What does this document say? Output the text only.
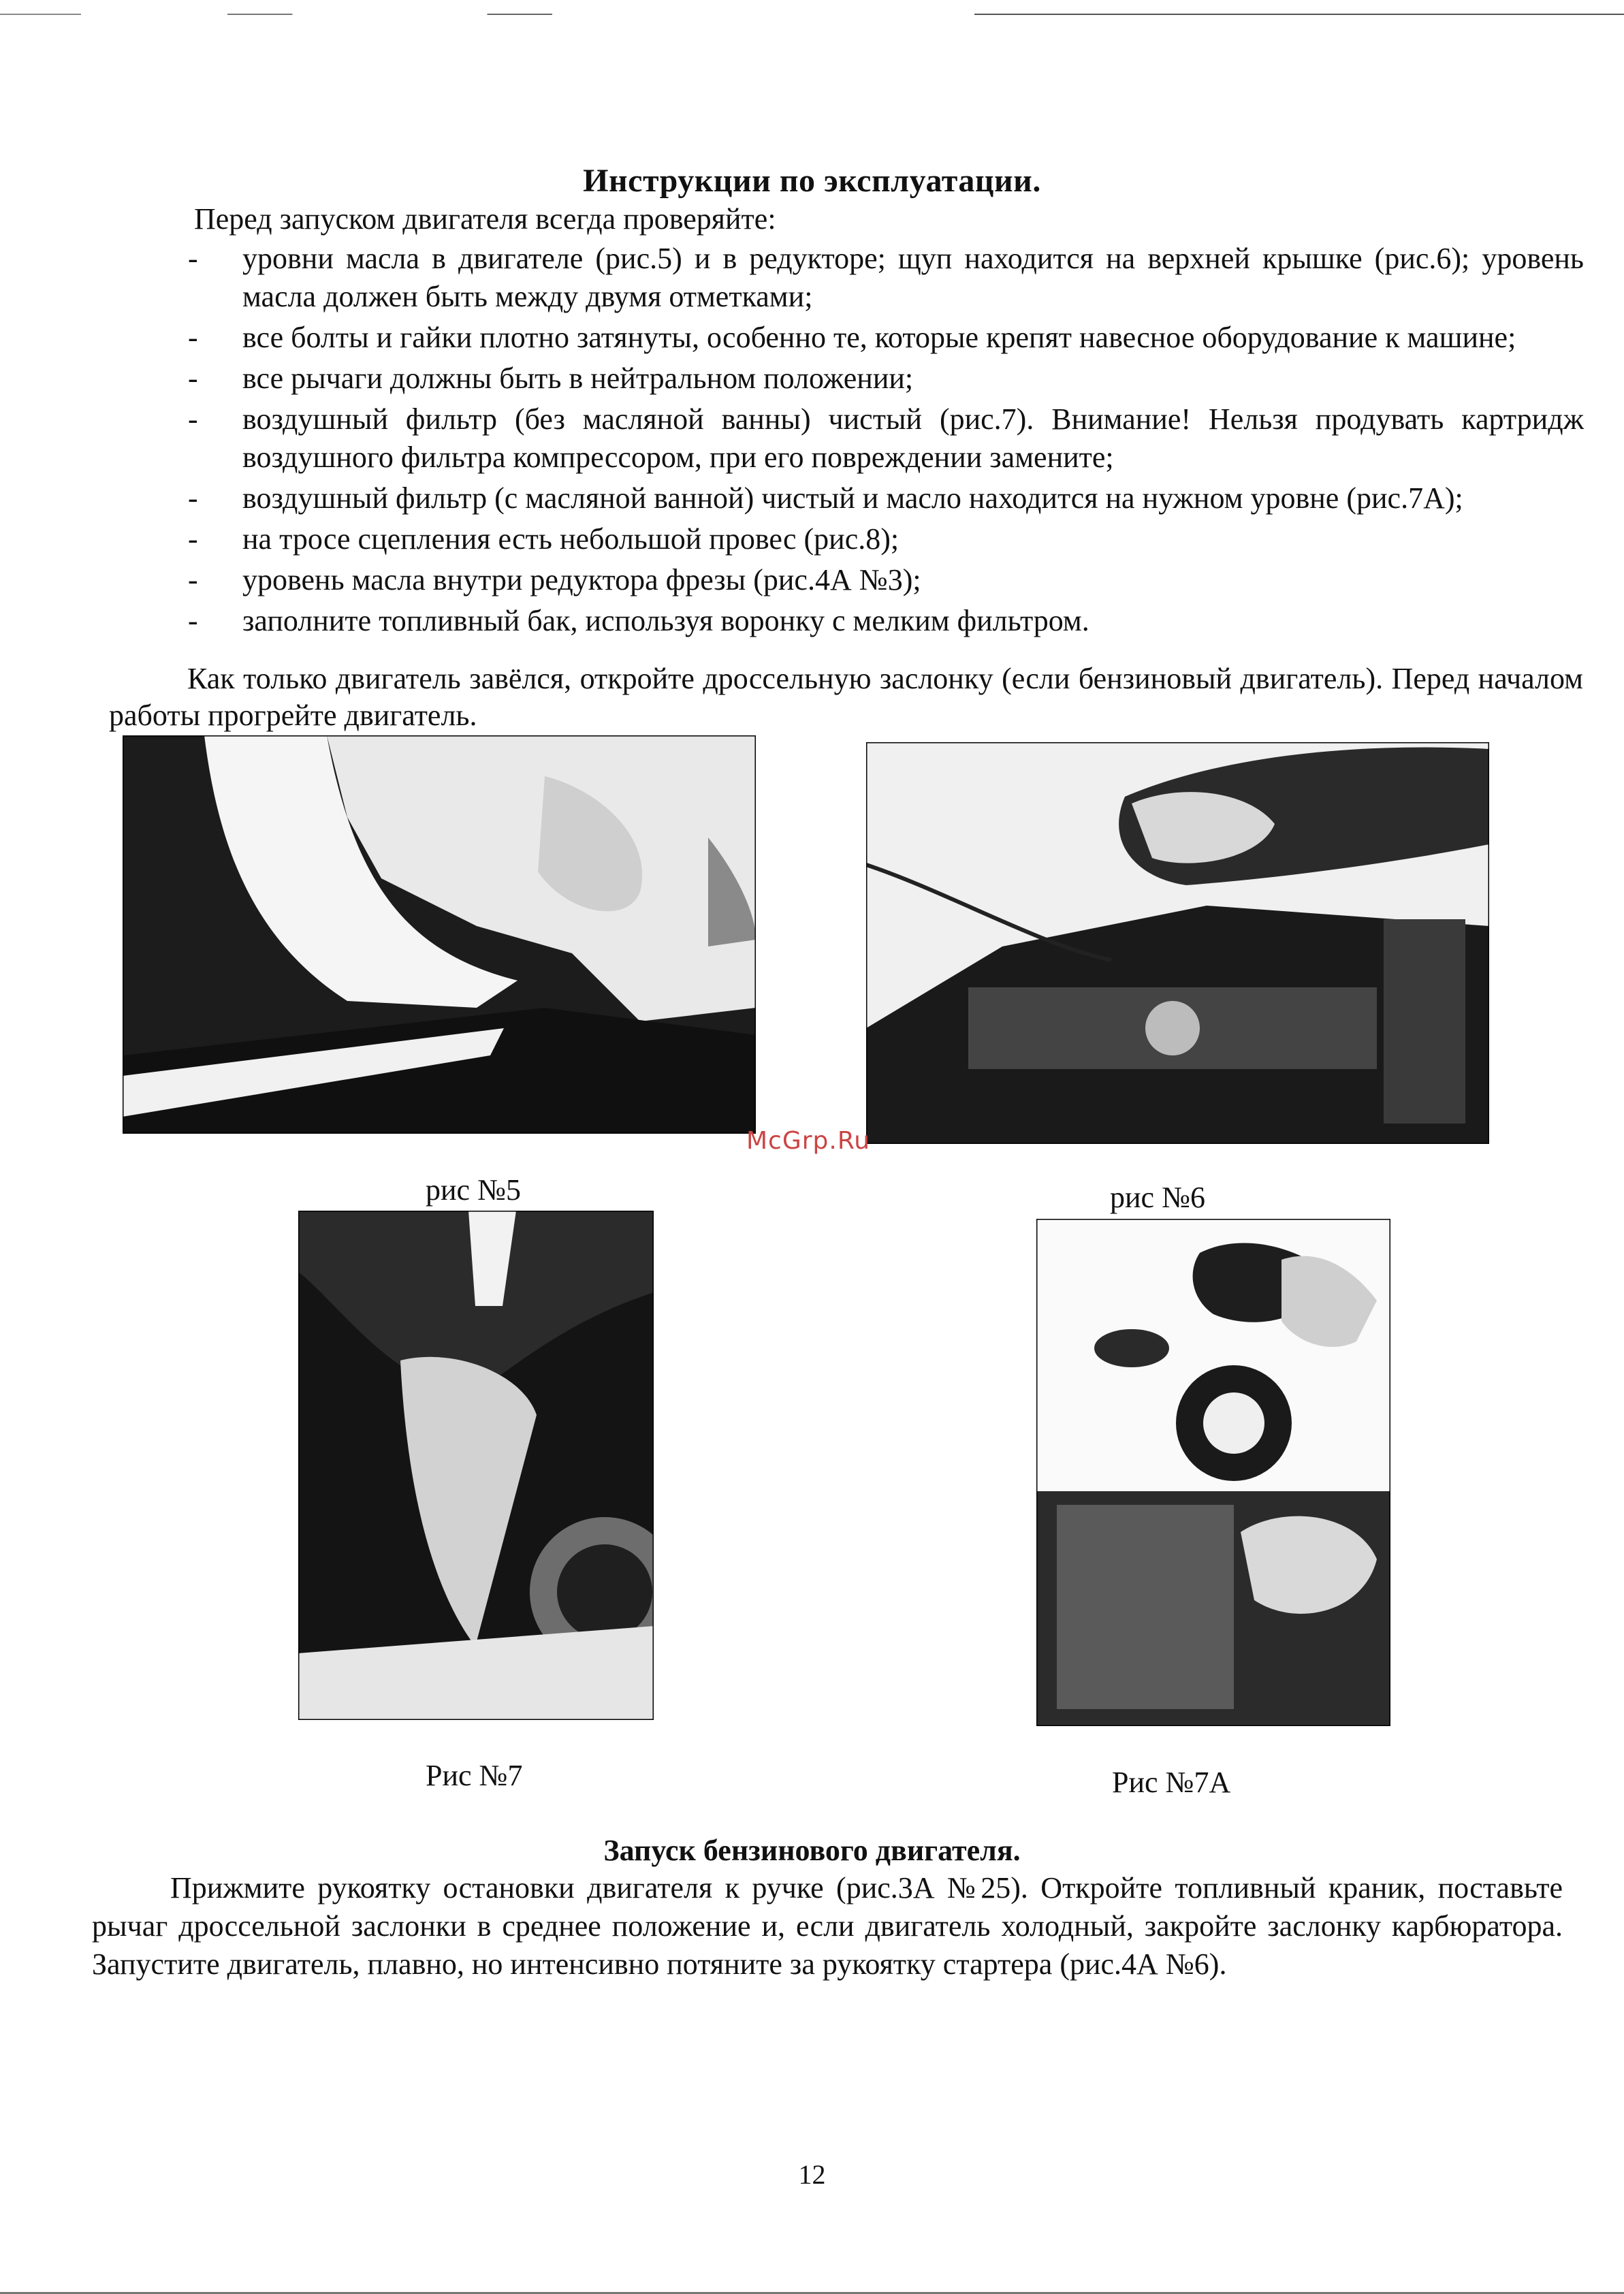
Инструкции по эксплуатации.
Перед запуском двигателя всегда проверяйте:
- уровни масла в двигателе (рис.5) и в редукторе; щуп находится на верхней крышке (рис.6); уровень масла должен быть между двумя отметками;
- все болты и гайки плотно затянуты, особенно те, которые крепят навесное оборудование к машине;
- все рычаги должны быть в нейтральном положении;
- воздушный фильтр (без масляной ванны) чистый (рис.7). Внимание! Нельзя продувать картридж воздушного фильтра компрессором, при его повреждении замените;
- воздушный фильтр (с масляной ванной) чистый и масло находится на нужном уровне (рис.7А);
- на тросе сцепления есть небольшой провес (рис.8);
- уровень масла внутри редуктора фрезы (рис.4А №3);
- заполните топливный бак, используя воронку с мелким фильтром.
Как только двигатель завёлся, откройте дроссельную заслонку (если бензиновый двигатель). Перед началом работы прогрейте двигатель.
рис №5	рис №6
McGrp.Ru
Рис №7	Рис №7А
Запуск бензинового двигателя.
Прижмите рукоятку остановки двигателя к ручке (рис.3А №25). Откройте топливный краник, поставьте рычаг дроссельной заслонки в среднее положение и, если двигатель холодный, закройте заслонку карбюратора. Запустите двигатель, плавно, но интенсивно потяните за рукоятку стартера (рис.4А №6).
12
